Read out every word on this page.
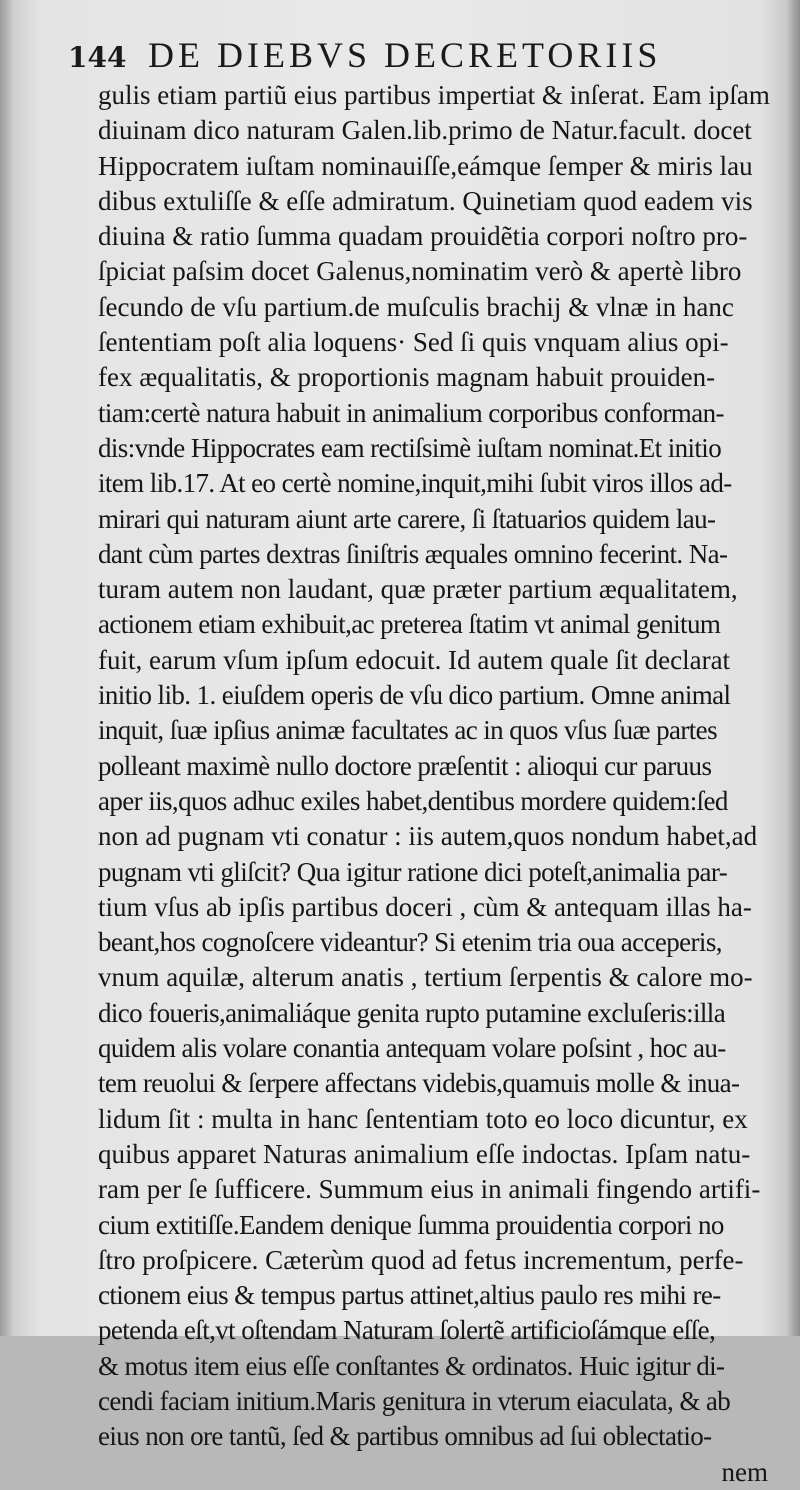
144 DE DIEBVS DECRETORIIS
gulis etiam partiũ eius partibus impertiat & inſerat. Eam ipſam
diuinam dico naturam Galen.lib.primo de Natur.facult. docet
Hippocratem iuſtam nominauiſſe,eámque ſemper & miris lau
dibus extuliſſe & eſſe admiratum. Quinetiam quod eadem vis
diuina & ratio ſumma quadam prouidẽtia corpori noſtro pro-
ſpiciat paſsim docet Galenus,nominatim verò & apertè libro
ſecundo de vſu partium.de muſculis brachij & vlnæ in hanc
ſententiam poſt alia loquens· Sed ſi quis vnquam alius opi-
fex æqualitatis, & proportionis magnam habuit prouiden-
tiam:certè natura habuit in animalium corporibus conforman-
dis:vnde Hippocrates eam rectiſsimè iuſtam nominat.Et initio
item lib.17. At eo certè nomine,inquit,mihi ſubit viros illos ad-
mirari qui naturam aiunt arte carere, ſi ſtatuarios quidem lau-
dant cùm partes dextras ſiniſtris æquales omnino fecerint. Na-
turam autem non laudant, quæ præter partium æqualitatem,
actionem etiam exhibuit,ac preterea ſtatim vt animal genitum
fuit, earum vſum ipſum edocuit. Id autem quale ſit declarat
initio lib. 1. eiuſdem operis de vſu dico partium. Omne animal
inquit, ſuæ ipſius animæ facultates ac in quos vſus ſuæ partes
polleant maximè nullo doctore præſentit : alioqui cur paruus
aper iis,quos adhuc exiles habet,dentibus mordere quidem:ſed
non ad pugnam vti conatur : iis autem,quos nondum habet,ad
pugnam vti gliſcit? Qua igitur ratione dici poteſt,animalia par-
tium vſus ab ipſis partibus doceri , cùm & antequam illas ha-
beant,hos cognoſcere videantur? Si etenim tria oua acceperis,
vnum aquilæ, alterum anatis , tertium ſerpentis & calore mo-
dico foueris,animaliáque genita rupto putamine excluſeris:illa
quidem alis volare conantia antequam volare poſsint , hoc au-
tem reuolui & ſerpere affectans videbis,quamuis molle & inua-
lidum ſit : multa in hanc ſententiam toto eo loco dicuntur, ex
quibus apparet Naturas animalium eſſe indoctas. Ipſam natu-
ram per ſe ſufficere. Summum eius in animali fingendo artifi-
cium extitiſſe.Eandem denique ſumma prouidentia corpori no
ſtro proſpicere. Cæterùm quod ad fetus incrementum, perfe-
ctionem eius & tempus partus attinet,altius paulo res mihi re-
petenda eſt,vt oſtendam Naturam ſolertẽ artificioſámque eſſe,
& motus item eius eſſe conſtantes & ordinatos. Huic igitur di-
cendi faciam initium.Maris genitura in vterum eiaculata, & ab
eius non ore tantũ, ſed & partibus omnibus ad ſui oblectatio-
nem
